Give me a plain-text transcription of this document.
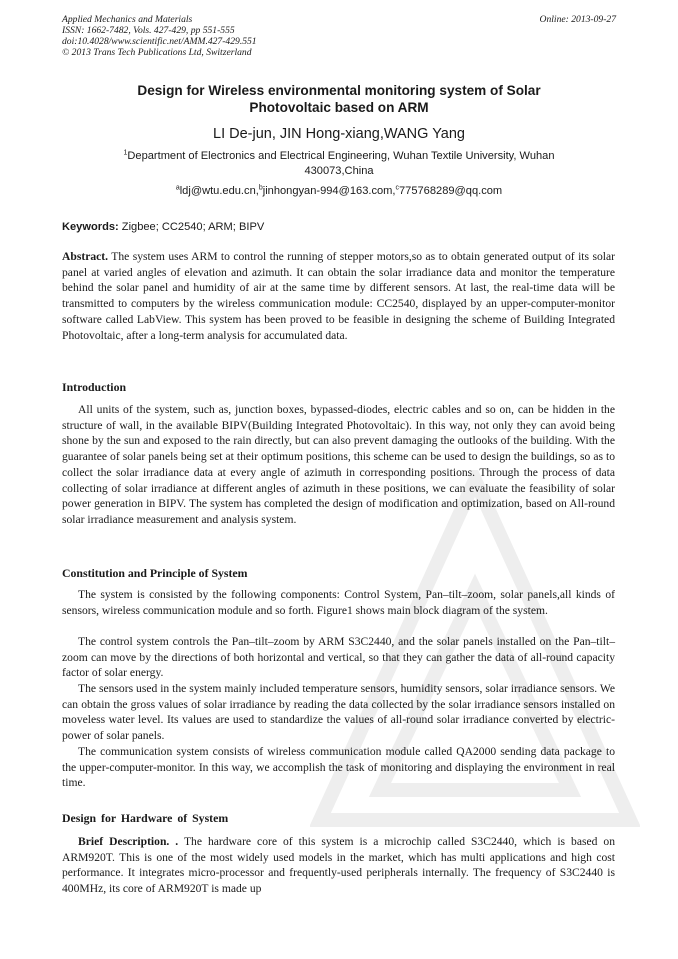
Applied Mechanics and Materials
ISSN: 1662-7482, Vols. 427-429, pp 551-555
doi:10.4028/www.scientific.net/AMM.427-429.551
© 2013 Trans Tech Publications Ltd, Switzerland
Online: 2013-09-27
Design for Wireless environmental monitoring system of Solar
Photovoltaic based on ARM
LI De-jun, JIN Hong-xiang,WANG Yang
$^1$Department of Electronics and Electrical Engineering, Wuhan Textile University, Wuhan
430073,China
$^a$ldj@wtu.edu.cn,$^b$jinhongyan-994@163.com,$^c$775768289@qq.com
Keywords: Zigbee; CC2540; ARM; BIPV

Abstract. The system uses ARM to control the running of stepper motors,so as to obtain generated output of its solar panel at varied angles of elevation and azimuth. It can obtain the solar irradiance data and monitor the temperature behind the solar panel and humidity of air at the same time by different sensors. At last, the real-time data will be transmitted to computers by the wireless communication module: CC2540, displayed by an upper-computer-monitor software called LabView. This system has been proved to be feasible in designing the scheme of Building Integrated Photovoltaic, after a long-term analysis for accumulated data.

Introduction

All units of the system, such as, junction boxes, bypassed-diodes, electric cables and so on, can be hidden in the structure of wall, in the available BIPV(Building Integrated Photovoltaic). In this way, not only they can avoid being shone by the sun and exposed to the rain directly, but can also prevent damaging the outlooks of the building. With the guarantee of solar panels being set at their optimum positions, this scheme can be used to design the buildings, so as to collect the solar irradiance data at every angle of azimuth in corresponding positions. Through the process of data collecting of solar irradiance at different angles of azimuth in these positions, we can evaluate the feasibility of solar power generation in BIPV. The system has completed the design of modification and optimization, based on All-round solar irradiance measurement and analysis system.

Constitution and Principle of System

The system is consisted by the following components: Control System, Pan–tilt–zoom, solar panels,all kinds of sensors, wireless communication module and so forth. Figure1 shows main block diagram of the system.

The control system controls the Pan–tilt–zoom by ARM S3C2440, and the solar panels installed on the Pan–tilt–zoom can move by the directions of both horizontal and vertical, so that they can gather the data of all-round capacity factor of solar energy.

The sensors used in the system mainly included temperature sensors, humidity sensors, solar irradiance sensors. We can obtain the gross values of solar irradiance by reading the data collected by the solar irradiance sensors installed on moveless water level. Its values are used to standardize the values of all-round solar irradiance converted by electric-power of solar panels.

The communication system consists of wireless communication module called QA2000 sending data package to the upper-computer-monitor. In this way, we accomplish the task of monitoring and displaying the environment in real time.

Design for Hardware of System

Brief Description. . The hardware core of this system is a microchip called S3C2440, which is based on ARM920T. This is one of the most widely used models in the market, which has multi applications and high cost performance. It integrates micro-processor and frequently-used peripherals internally. The frequency of S3C2440 is 400MHz, its core of ARM920T is made up
